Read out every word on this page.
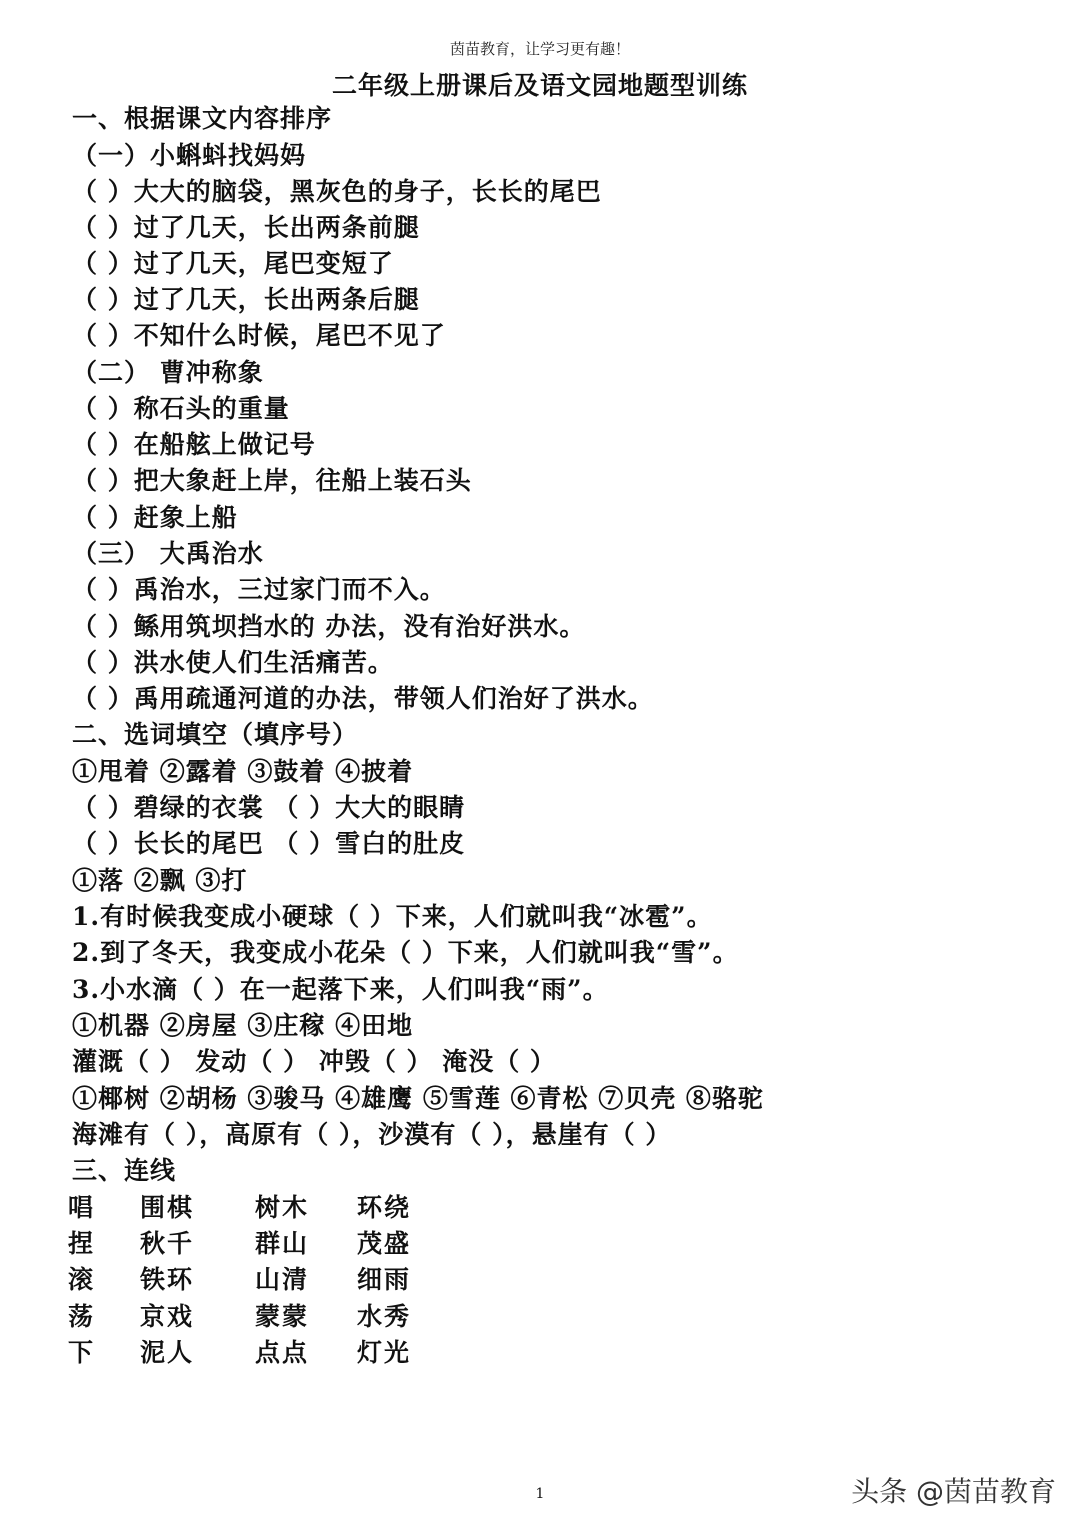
茵苗教育，让学习更有趣！
二年级上册课后及语文园地题型训练
一、根据课文内容排序
（一）小蝌蚪找妈妈
（ ）大大的脑袋，黑灰色的身子，长长的尾巴
（ ）过了几天，长出两条前腿
（ ）过了几天，尾巴变短了
（ ）过了几天，长出两条后腿
（ ）不知什么时候，尾巴不见了
（二） 曹冲称象
（ ）称石头的重量
（ ）在船舷上做记号
（ ）把大象赶上岸，往船上装石头
（ ）赶象上船
（三） 大禹治水
（ ）禹治水，三过家门而不入。
（ ）鲧用筑坝挡水的 办法，没有治好洪水。
（ ）洪水使人们生活痛苦。
（ ）禹用疏通河道的办法，带领人们治好了洪水。
二、选词填空（填序号）
①甩着 ②露着 ③鼓着 ④披着
（ ）碧绿的衣裳 （ ）大大的眼睛
（ ）长长的尾巴 （ ）雪白的肚皮
①落 ②飘 ③打
1.有时候我变成小硬球（ ）下来，人们就叫我“冰雹”。
2.到了冬天，我变成小花朵（ ）下来，人们就叫我“雪”。
3.小水滴（ ）在一起落下来，人们叫我“雨”。
①机器 ②房屋 ③庄稼 ④田地
灌溉（ ） 发动（ ） 冲毁（ ） 淹没（ ）
①椰树 ②胡杨 ③骏马 ④雄鹰 ⑤雪莲 ⑥青松 ⑦贝壳 ⑧骆驼
海滩有（ ），高原有（ ），沙漠有（ ），悬崖有（ ）
三、连线
唱 围棋 树木 环绕
捏 秋千 群山 茂盛
滚 铁环 山清 细雨
荡 京戏 蒙蒙 水秀
下 泥人 点点 灯光
1	头条 @茵苗教育
